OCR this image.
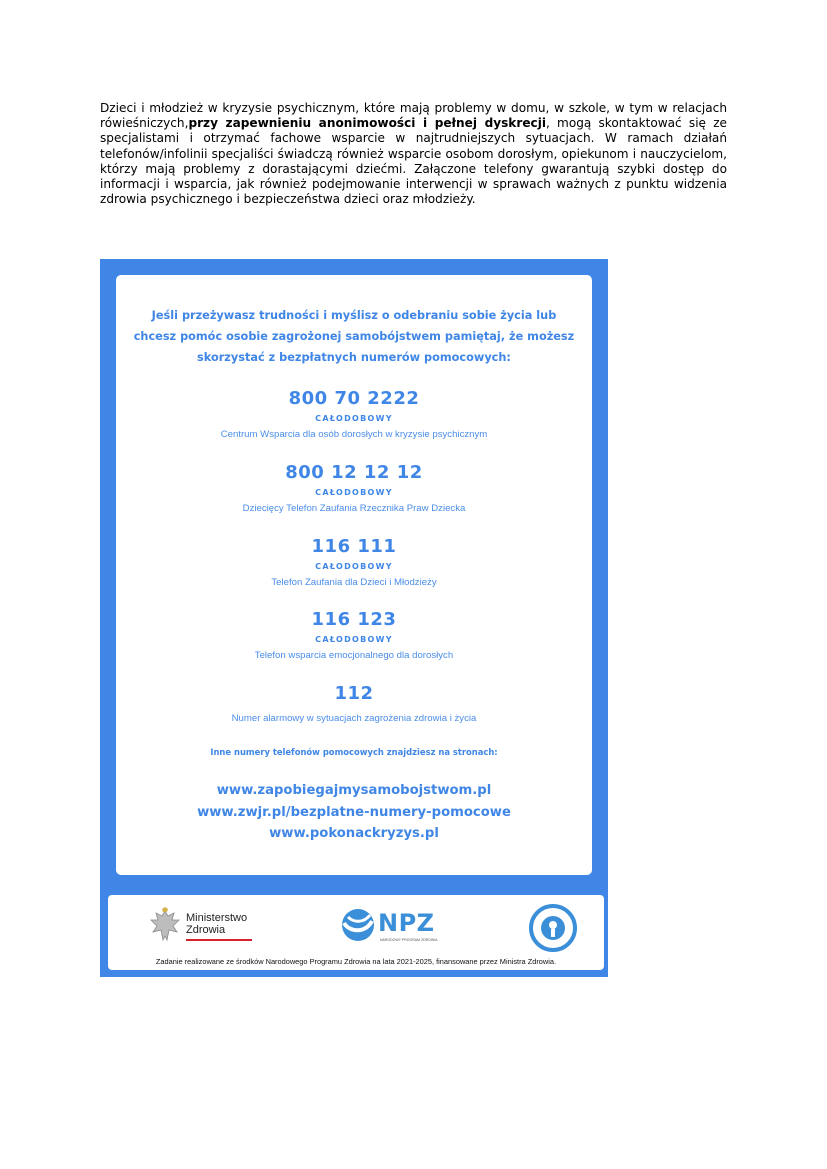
Dzieci i młodzież w kryzysie psychicznym, które mają problemy w domu, w szkole, w tym w relacjach rówieśniczych,przy zapewnieniu anonimowości i pełnej dyskrecji, mogą skontaktować się ze specjalistami i otrzymać fachowe wsparcie w najtrudniejszych sytuacjach. W ramach działań telefonów/infolinii specjaliści świadczą również wsparcie osobom dorosłym, opiekunom i nauczycielom, którzy mają problemy z dorastającymi dziećmi. Załączone telefony gwarantują szybki dostęp do informacji i wsparcia, jak również podejmowanie interwencji w sprawach ważnych z punktu widzenia zdrowia psychicznego i bezpieczeństwa dzieci oraz młodzieży.
Jeśli przeżywasz trudności i myślisz o odebraniu sobie życia lub
chcesz pomóc osobie zagrożonej samobójstwem pamiętaj, że możesz
skorzystać z bezpłatnych numerów pomocowych:
800 70 2222
CAŁODOBOWY
Centrum Wsparcia dla osób dorosłych w kryzysie psychicznym
800 12 12 12
CAŁODOBOWY
Dziecięcy Telefon Zaufania Rzecznika Praw Dziecka
116 111
CAŁODOBOWY
Telefon Zaufania dla Dzieci i Młodzieży
116 123
CAŁODOBOWY
Telefon wsparcia emocjonalnego dla dorosłych
112
Numer alarmowy w sytuacjach zagrożenia zdrowia i życia
Inne numery telefonów pomocowych znajdziesz na stronach:
www.zapobiegajmysamobojstwom.pl
www.zwjr.pl/bezplatne-numery-pomocowe
www.pokonackryzys.pl
Ministerstwo
Zdrowia	NPZ
NARODOWY PROGRAM ZDROWIA
Zadanie realizowane ze środków Narodowego Programu Zdrowia na lata 2021-2025, finansowane przez Ministra Zdrowia.
